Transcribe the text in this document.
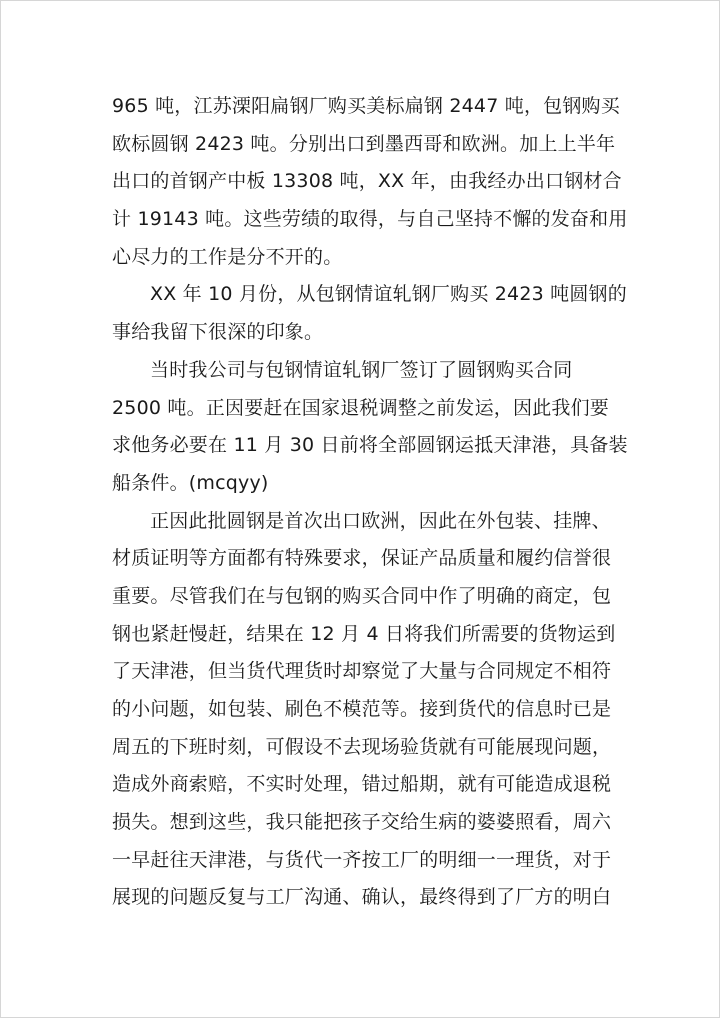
965 吨，江苏溧阳扁钢厂购买美标扁钢 2447 吨，包钢购买
欧标圆钢 2423 吨。分别出口到墨西哥和欧洲。加上上半年
出口的首钢产中板 13308 吨，XX 年，由我经办出口钢材合
计 19143 吨。这些劳绩的取得，与自己坚持不懈的发奋和用
心尽力的工作是分不开的。
XX 年 10 月份，从包钢情谊轧钢厂购买 2423 吨圆钢的
事给我留下很深的印象。
当时我公司与包钢情谊轧钢厂签订了圆钢购买合同
2500 吨。正因要赶在国家退税调整之前发运，因此我们要
求他务必要在 11 月 30 日前将全部圆钢运抵天津港，具备装
船条件。(mcqyy)
正因此批圆钢是首次出口欧洲，因此在外包装、挂牌、
材质证明等方面都有特殊要求，保证产品质量和履约信誉很
重要。尽管我们在与包钢的购买合同中作了明确的商定，包
钢也紧赶慢赶，结果在 12 月 4 日将我们所需要的货物运到
了天津港，但当货代理货时却察觉了大量与合同规定不相符
的小问题，如包装、刷色不模范等。接到货代的信息时已是
周五的下班时刻，可假设不去现场验货就有可能展现问题，
造成外商索赔，不实时处理，错过船期，就有可能造成退税
损失。想到这些，我只能把孩子交给生病的婆婆照看，周六
一早赶往天津港，与货代一齐按工厂的明细一一理货，对于
展现的问题反复与工厂沟通、确认，最终得到了厂方的明白
